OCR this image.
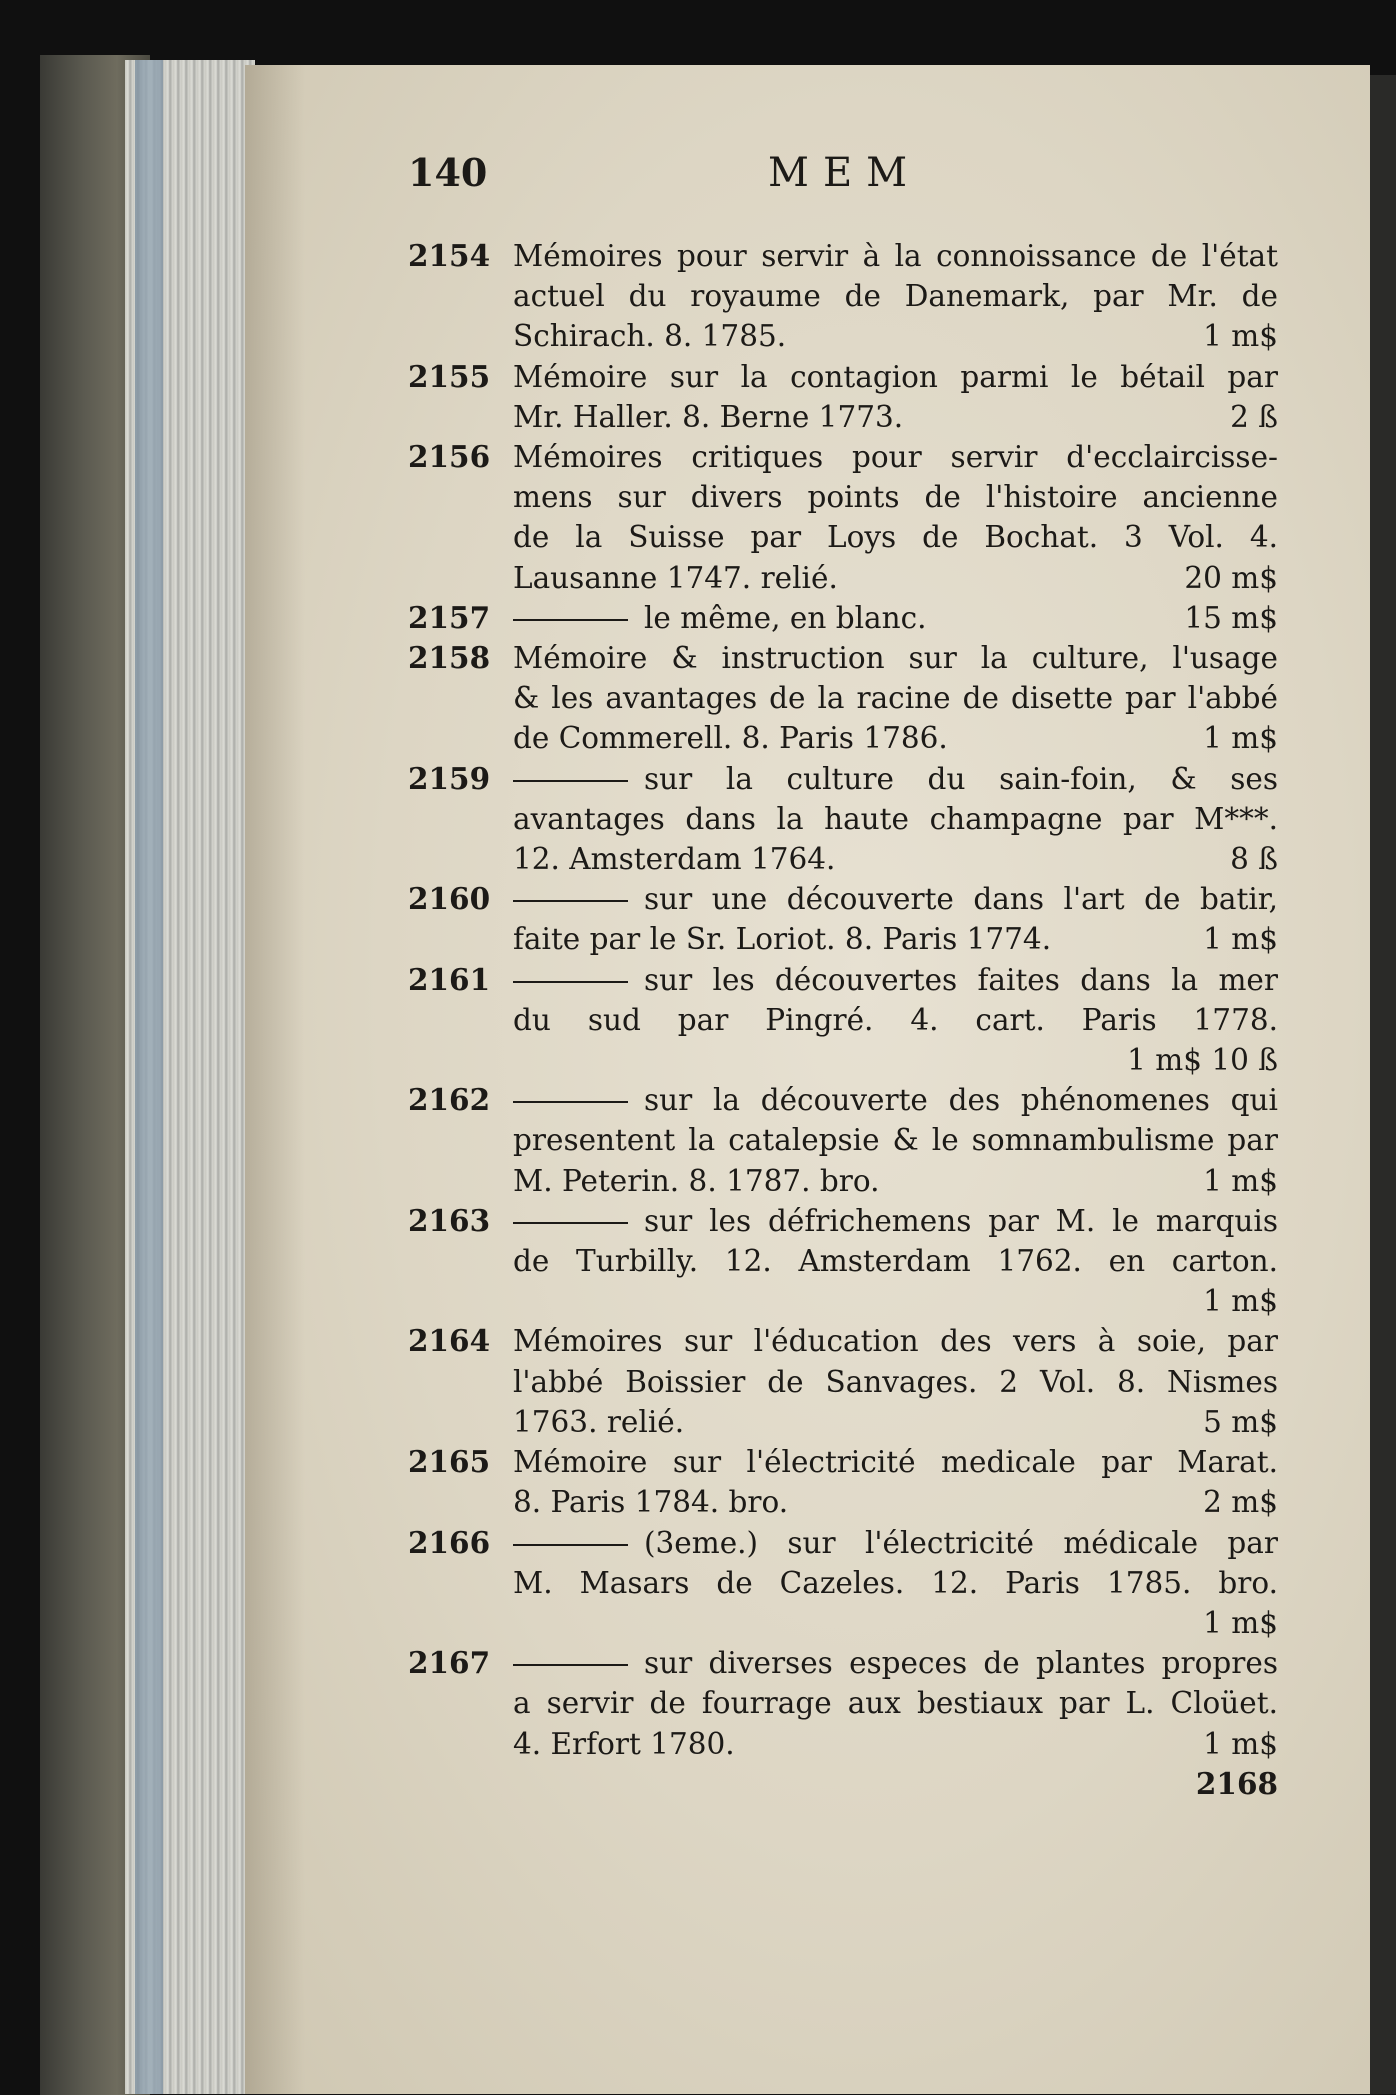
140	MEM
2154 Mémoires pour servir à la connoissance de l'état
actuel du royaume de Danemark, par Mr. de
Schirach. 8. 1785.	1 m$
2155 Mémoire sur la contagion parmi le bétail par
Mr. Haller. 8. Berne 1773.	2 ß
2156 Mémoires critiques pour servir d'ecclaircisse-
mens sur divers points de l'histoire ancienne
de la Suisse par Loys de Bochat. 3 Vol. 4.
Lausanne 1747. relié.	20 m$
2157	le même, en blanc.	15 m$
2158 Mémoire & instruction sur la culture, l'usage
& les avantages de la racine de disette par l'abbé
de Commerell. 8. Paris 1786.	1 m$
2159	sur la culture du sain-foin, & ses
avantages dans la haute champagne par M***.
12. Amsterdam 1764.	8 ß
2160	sur une découverte dans l'art de batir,
faite par le Sr. Loriot. 8. Paris 1774.	1 m$
2161	sur les découvertes faites dans la mer
du sud par Pingré. 4. cart. Paris 1778.
1 m$ 10 ß
2162	sur la découverte des phénomenes qui
presentent la catalepsie & le somnambulisme par
M. Peterin. 8. 1787. bro.	1 m$
2163	sur les défrichemens par M. le marquis
de Turbilly. 12. Amsterdam 1762. en carton.
1 m$
2164 Mémoires sur l'éducation des vers à soie, par
l'abbé Boissier de Sanvages. 2 Vol. 8. Nismes
1763. relié.	5 m$
2165 Mémoire sur l'électricité medicale par Marat.
8. Paris 1784. bro.	2 m$
2166	(3eme.) sur l'électricité médicale par
M. Masars de Cazeles. 12. Paris 1785. bro.
1 m$
2167	sur diverses especes de plantes propres
a servir de fourrage aux bestiaux par L. Cloüet.
4. Erfort 1780.	1 m$
2168
